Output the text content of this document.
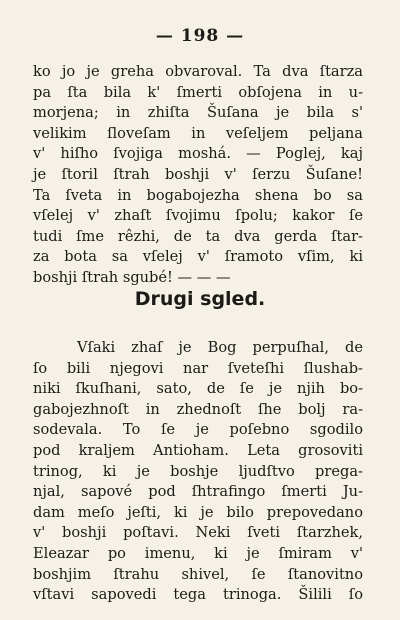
— 198 —
ko jo je greha obvaroval. Ta dva ſtarza
pa ſta bila k' ſmerti obſojena in u-
morjena; in zhiſta Šuſana je bila s'
velikim ſloveſam in veſeljem peljana
v' hiſho ſvojiga moshá. — Poglej, kaj
je ſtoril ſtrah boshji v' ſerzu Šuſane!
Ta ſveta in bogabojezha shena bo sa
vſelej v' zhaſt ſvojimu ſpolu; kakor ſe
tudi ſme rêzhi, de ta dva gerda ſtar-
za bota sa vſelej v' ſramoto vſim, ki
boshji ſtrah sgubé! — — —
Drugi sgled.
Vſaki zhaſ je Bog perpuſhal, de
ſo bili njegovi nar ſveteſhi ſlushab-
niki ſkuſhani, sato, de ſe je njih bo-
gabojezhnoſt in zhednoſt ſhe bolj ra-
sodevala. To ſe je poſebno sgodilo
pod kraljem Antioham. Leta grosoviti
trinog, ki je boshje ljudſtvo prega-
njal, sapové pod ſhtrafingo ſmerti Ju-
dam meſo jeſti, ki je bilo prepovedano
v' boshji poſtavi. Neki ſveti ſtarzhek,
Eleazar po imenu, ki je ſmiram v'
boshjim ſtrahu shivel, ſe ſtanovitno
vſtavi sapovedi tega trinoga. Šilili ſo
